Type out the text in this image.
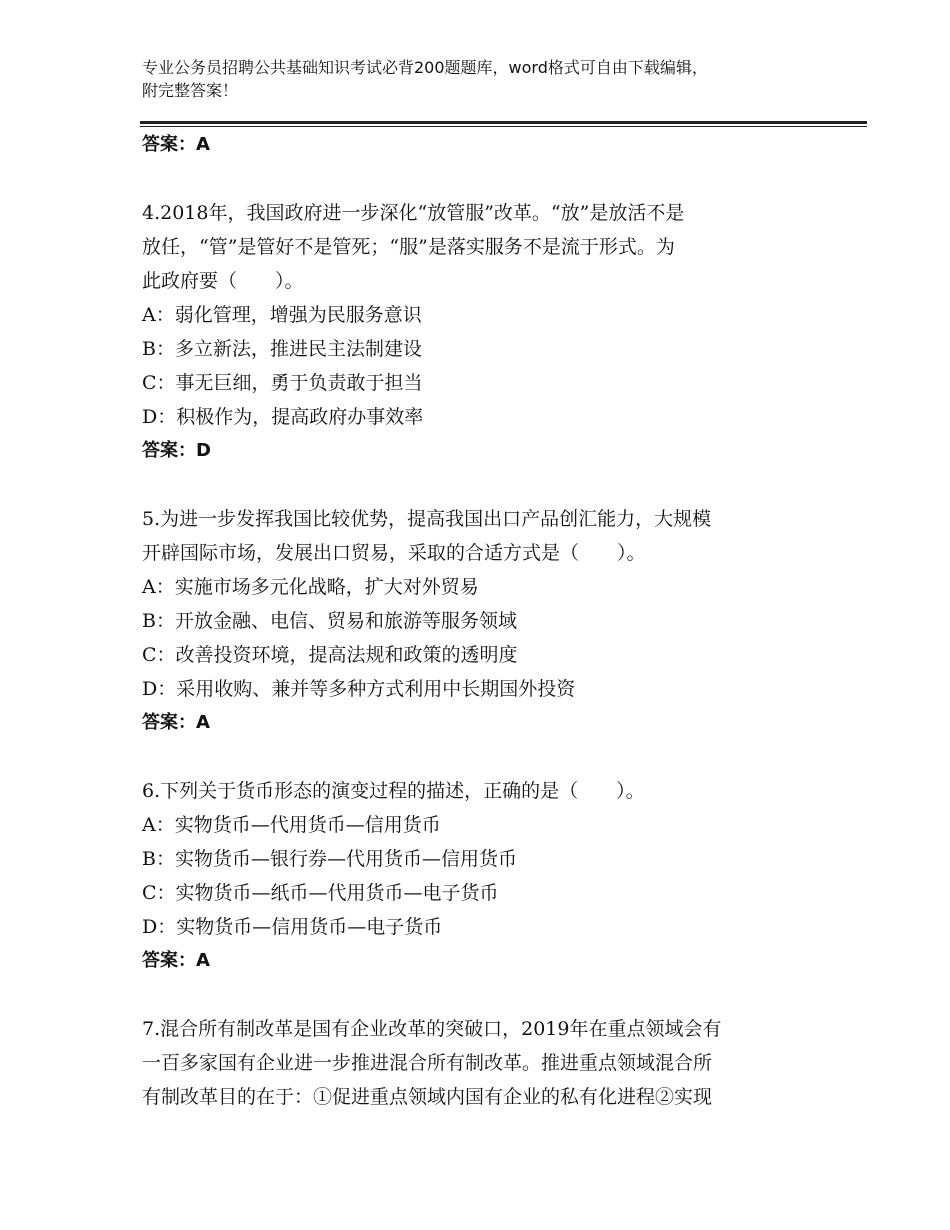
专业公务员招聘公共基础知识考试必背200题题库，word格式可自由下载编辑，
附完整答案！
答案：A
4.2018年，我国政府进一步深化“放管服”改革。“放”是放活不是
放任，“管”是管好不是管死；“服”是落实服务不是流于形式。为
此政府要（　　）。
A：弱化管理，增强为民服务意识
B：多立新法，推进民主法制建设
C：事无巨细，勇于负责敢于担当
D：积极作为，提高政府办事效率
答案：D
5.为进一步发挥我国比较优势，提高我国出口产品创汇能力，大规模
开辟国际市场，发展出口贸易，采取的合适方式是（　　）。
A：实施市场多元化战略，扩大对外贸易
B：开放金融、电信、贸易和旅游等服务领域
C：改善投资环境，提高法规和政策的透明度
D：采用收购、兼并等多种方式利用中长期国外投资
答案：A
6.下列关于货币形态的演变过程的描述，正确的是（　　）。
A：实物货币—代用货币—信用货币
B：实物货币—银行券—代用货币—信用货币
C：实物货币—纸币—代用货币—电子货币
D：实物货币—信用货币—电子货币
答案：A
7.混合所有制改革是国有企业改革的突破口，2019年在重点领域会有
一百多家国有企业进一步推进混合所有制改革。推进重点领域混合所
有制改革目的在于：①促进重点领域内国有企业的私有化进程②实现
